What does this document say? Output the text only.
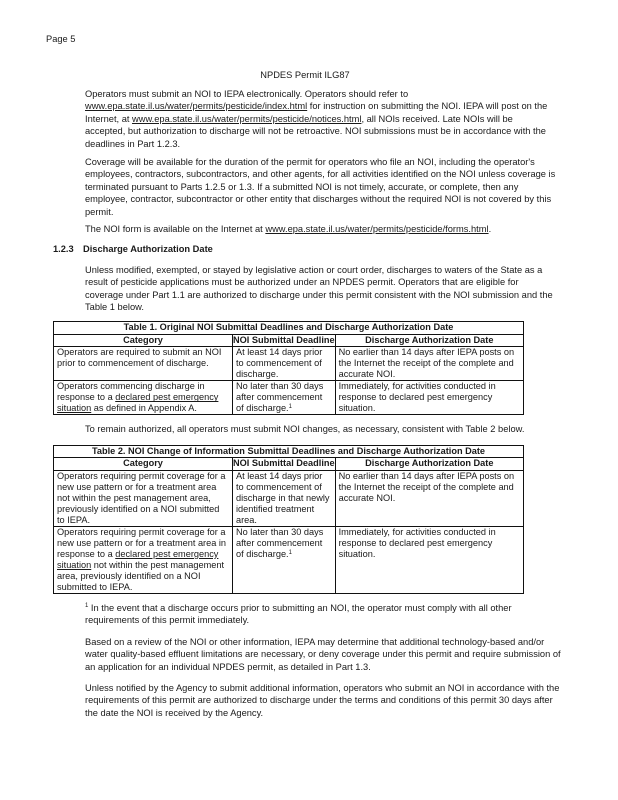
Page 5
NPDES Permit ILG87
Operators must submit an NOI to IEPA electronically. Operators should refer to
www.epa.state.il.us/water/permits/pesticide/index.html for instruction on submitting the NOI. IEPA will post on the
Internet, at www.epa.state.il.us/water/permits/pesticide/notices.html, all NOIs received. Late NOIs will be
accepted, but authorization to discharge will not be retroactive. NOI submissions must be in accordance with the
deadlines in Part 1.2.3.
Coverage will be available for the duration of the permit for operators who file an NOI, including the operator's
employees, contractors, subcontractors, and other agents, for all activities identified on the NOI unless coverage is
terminated pursuant to Parts 1.2.5 or 1.3. If a submitted NOI is not timely, accurate, or complete, then any
employee, contractor, subcontractor or other entity that discharges without the required NOI is not covered by this
permit.
The NOI form is available on the Internet at www.epa.state.il.us/water/permits/pesticide/forms.html.
1.2.3 Discharge Authorization Date
Unless modified, exempted, or stayed by legislative action or court order, discharges to waters of the State as a
result of pesticide applications must be authorized under an NPDES permit. Operators that are eligible for
coverage under Part 1.1 are authorized to discharge under this permit consistent with the NOI submission and the
Table 1 below.
Table 1. Original NOI Submittal Deadlines and Discharge Authorization Date		
Category	NOI Submittal Deadline	Discharge Authorization Date
Operators are required to submit an NOI prior to commencement of discharge.	At least 14 days prior to commencement of discharge.	No earlier than 14 days after IEPA posts on the Internet the receipt of the complete and accurate NOI.
Operators commencing discharge in response to a declared pest emergency situation as defined in Appendix A.	No later than 30 days after commencement of discharge.$^1$	Immediately, for activities conducted in response to declared pest emergency situation.
To remain authorized, all operators must submit NOI changes, as necessary, consistent with Table 2 below.
Table 2. NOI Change of Information Submittal Deadlines and Discharge Authorization Date		
Category	NOI Submittal Deadline	Discharge Authorization Date
Operators requiring permit coverage for a new use pattern or for a treatment area not within the pest management area, previously identified on a NOI submitted to IEPA.	At least 14 days prior to commencement of discharge in that newly identified treatment area.	No earlier than 14 days after IEPA posts on the Internet the receipt of the complete and accurate NOI.
Operators requiring permit coverage for a new use pattern or for a treatment area in response to a declared pest emergency situation not within the pest management area, previously identified on a NOI submitted to IEPA.	No later than 30 days after commencement of discharge.$^1$	Immediately, for activities conducted in response to declared pest emergency situation.
$^1$ In the event that a discharge occurs prior to submitting an NOI, the operator must comply with all other
requirements of this permit immediately.
Based on a review of the NOI or other information, IEPA may determine that additional technology-based and/or
water quality-based effluent limitations are necessary, or deny coverage under this permit and require submission of
an application for an individual NPDES permit, as detailed in Part 1.3.
Unless notified by the Agency to submit additional information, operators who submit an NOI in accordance with the
requirements of this permit are authorized to discharge under the terms and conditions of this permit 30 days after
the date the NOI is received by the Agency.
